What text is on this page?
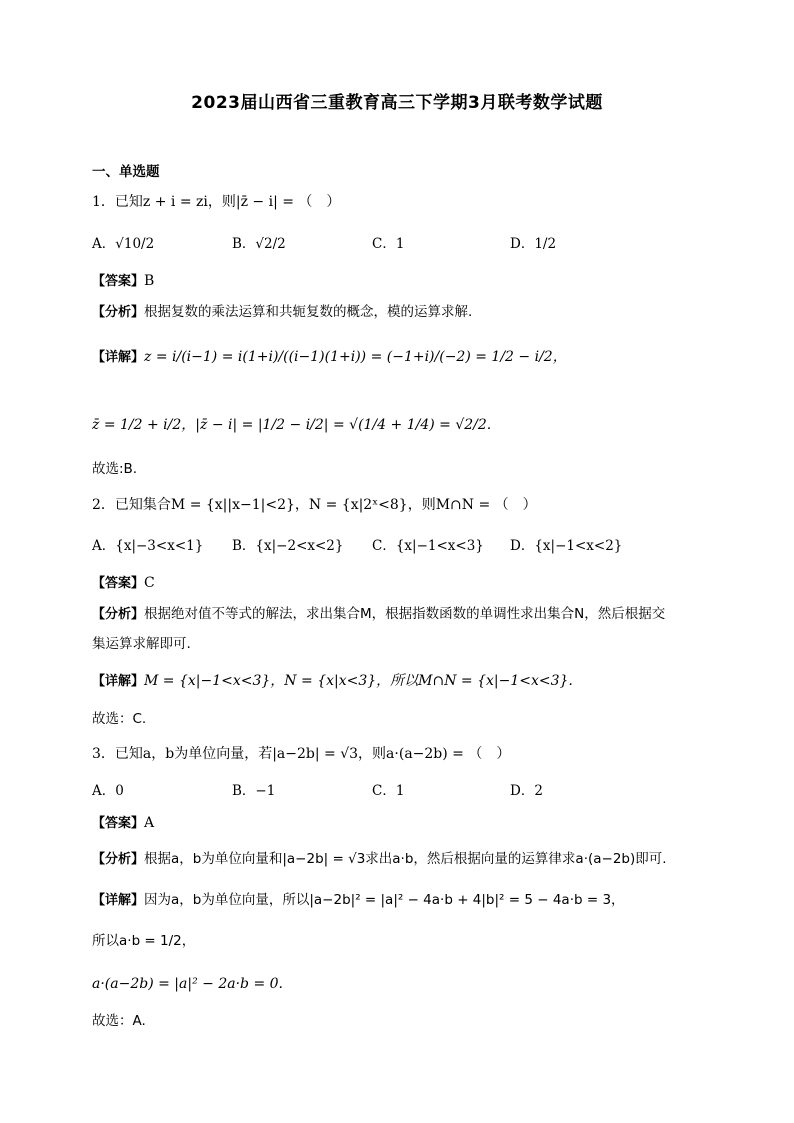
2023届山西省三重教育高三下学期3月联考数学试题
一、单选题
1．已知z + i = zi，则|z̄ − i| = （　）
A．√10/2	B．√2/2	C．1	D．1/2
【答案】B
【分析】根据复数的乘法运算和共轭复数的概念，模的运算求解.
【详解】z = i/(i−1) = i(1+i)/((i−1)(1+i)) = (−1+i)/(−2) = 1/2 − i/2，
z̄ = 1/2 + i/2，|z̄ − i| = |1/2 − i/2| = √(1/4 + 1/4) = √2/2.
故选:B.
2．已知集合M = {x||x−1|<2}，N = {x|2ˣ<8}，则M∩N = （　）
A．{x|−3<x<1} B．{x|−2<x<2} C．{x|−1<x<3} D．{x|−1<x<2}
【答案】C
【分析】根据绝对值不等式的解法，求出集合M，根据指数函数的单调性求出集合N，然后根据交
集运算求解即可.
【详解】M = {x|−1<x<3}，N = {x|x<3}，所以M∩N = {x|−1<x<3}.
故选：C.
3．已知a，b为单位向量，若|a−2b| = √3，则a·(a−2b) = （　）
A．0	B．−1	C．1	D．2
【答案】A
【分析】根据a，b为单位向量和|a−2b| = √3求出a·b，然后根据向量的运算律求a·(a−2b)即可.
【详解】因为a，b为单位向量，所以|a−2b|² = |a|² − 4a·b + 4|b|² = 5 − 4a·b = 3，
所以a·b = 1/2，
a·(a−2b) = |a|² − 2a·b = 0.
故选：A.
